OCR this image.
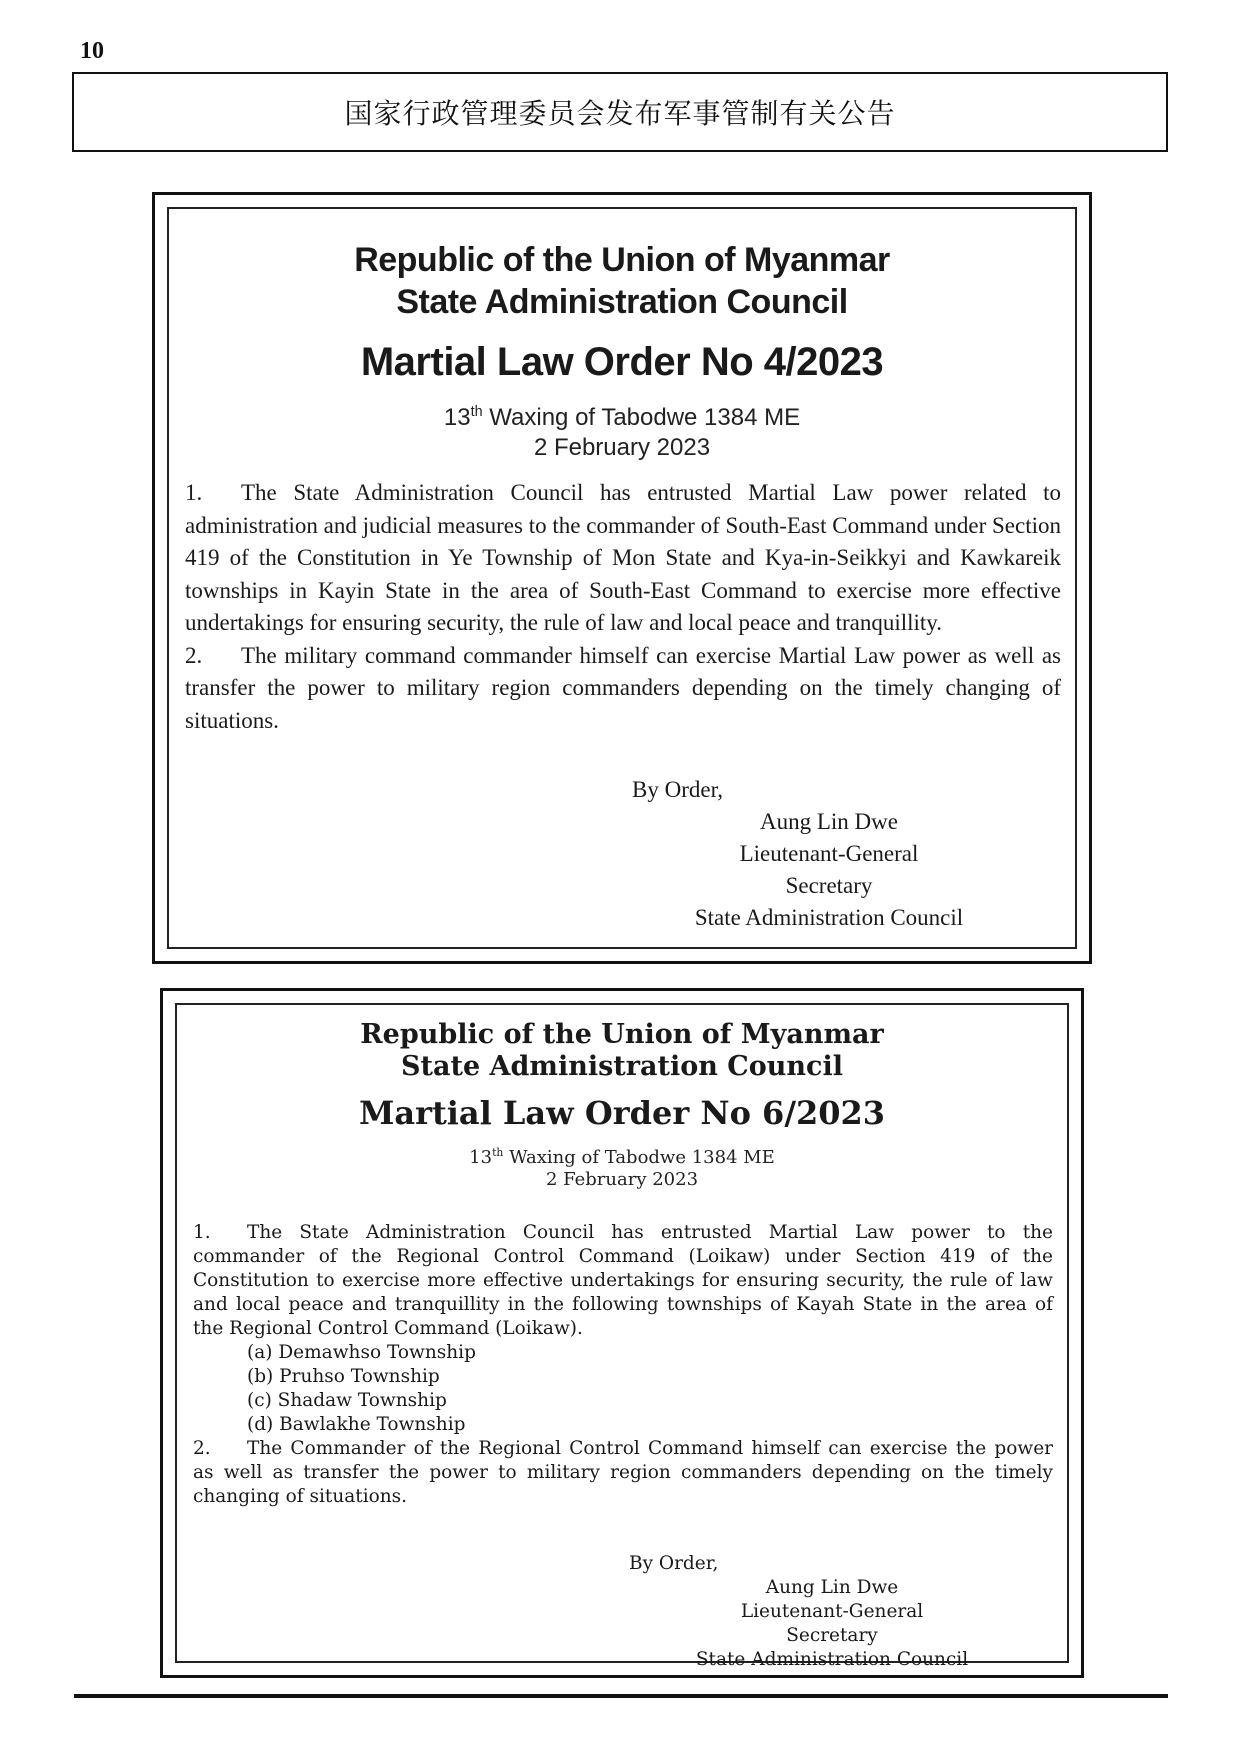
10
国家行政管理委员会发布军事管制有关公告
Republic of the Union of Myanmar
State Administration Council
Martial Law Order No 4/2023
13th Waxing of Tabodwe 1384 ME
2 February 2023
1. The State Administration Council has entrusted Martial Law power related to administration and judicial measures to the commander of South-East Command under Section 419 of the Constitution in Ye Township of Mon State and Kya-in-Seikkyi and Kawkareik townships in Kayin State in the area of South-East Command to exercise more effective undertakings for ensuring security, the rule of law and local peace and tranquillity.
2. The military command commander himself can exercise Martial Law power as well as transfer the power to military region commanders depending on the timely changing of situations.
By Order,
Aung Lin Dwe
Lieutenant-General
Secretary
State Administration Council
Republic of the Union of Myanmar
State Administration Council
Martial Law Order No 6/2023
13th Waxing of Tabodwe 1384 ME
2 February 2023
1. The State Administration Council has entrusted Martial Law power to the commander of the Regional Control Command (Loikaw) under Section 419 of the Constitution to exercise more effective undertakings for ensuring security, the rule of law and local peace and tranquillity in the following townships of Kayah State in the area of the Regional Control Command (Loikaw).
(a) Demawhso Township
(b) Pruhso Township
(c) Shadaw Township
(d) Bawlakhe Township
2. The Commander of the Regional Control Command himself can exercise the power as well as transfer the power to military region commanders depending on the timely changing of situations.
By Order,
Aung Lin Dwe
Lieutenant-General
Secretary
State Administration Council
